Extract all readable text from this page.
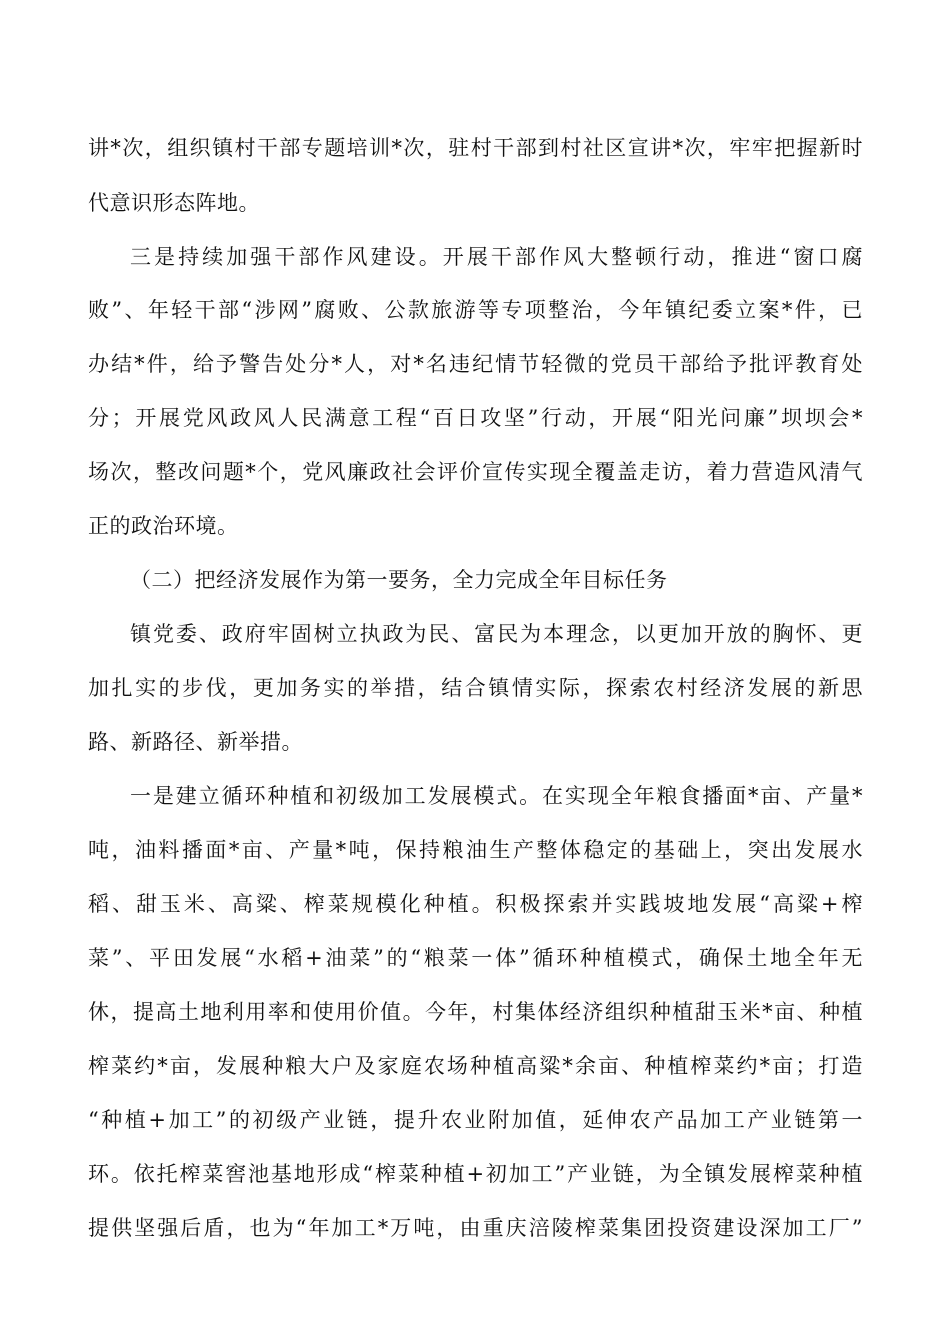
讲*次，组织镇村干部专题培训*次，驻村干部到村社区宣讲*次，牢牢把握新时
代意识形态阵地。
三是持续加强干部作风建设。开展干部作风大整顿行动，推进“窗口腐
败”、年轻干部“涉网”腐败、公款旅游等专项整治，今年镇纪委立案*件，已
办结*件，给予警告处分*人，对*名违纪情节轻微的党员干部给予批评教育处
分；开展党风政风人民满意工程“百日攻坚”行动，开展“阳光问廉”坝坝会*
场次，整改问题*个，党风廉政社会评价宣传实现全覆盖走访，着力营造风清气
正的政治环境。
（二）把经济发展作为第一要务，全力完成全年目标任务
镇党委、政府牢固树立执政为民、富民为本理念，以更加开放的胸怀、更
加扎实的步伐，更加务实的举措，结合镇情实际，探索农村经济发展的新思
路、新路径、新举措。
一是建立循环种植和初级加工发展模式。在实现全年粮食播面*亩、产量*
吨，油料播面*亩、产量*吨，保持粮油生产整体稳定的基础上，突出发展水
稻、甜玉米、高粱、榨菜规模化种植。积极探索并实践坡地发展“高粱+榨
菜”、平田发展“水稻+油菜”的“粮菜一体”循环种植模式，确保土地全年无
休，提高土地利用率和使用价值。今年，村集体经济组织种植甜玉米*亩、种植
榨菜约*亩，发展种粮大户及家庭农场种植高粱*余亩、种植榨菜约*亩；打造
“种植+加工”的初级产业链，提升农业附加值，延伸农产品加工产业链第一
环。依托榨菜窖池基地形成“榨菜种植+初加工”产业链，为全镇发展榨菜种植
提供坚强后盾，也为“年加工*万吨，由重庆涪陵榨菜集团投资建设深加工厂”
